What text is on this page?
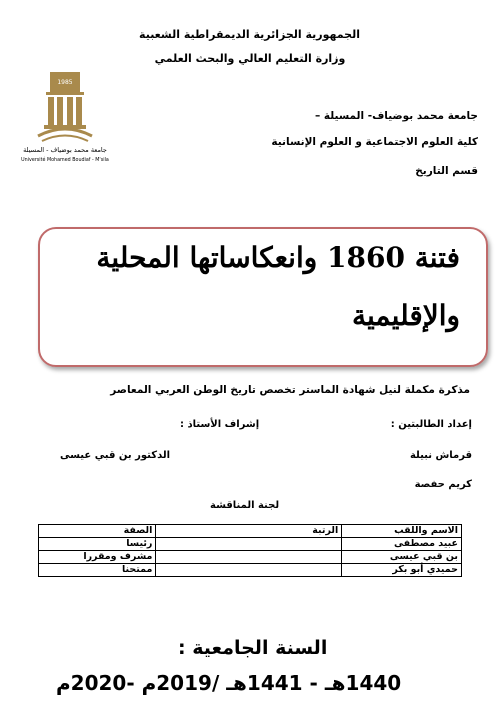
الجمهورية الجزائرية الديمقراطية الشعبية
وزارة التعليم العالي والبحث العلمي
1985
جامعة محمد بوضياف - المسيلة
Université Mohamed Boudiaf - M'sila
جامعة محمد بوضياف- المسيلة –
كلية العلوم الاجتماعية و العلوم الإنسانية
قسم التاريخ
فتنة 1860 وانعكاساتها المحلية
والإقليمية
مذكرة مكملة لنيل شهادة الماستر تخصص تاريخ الوطن العربي المعاصر
إعداد الطالبتين :
إشراف الأستاذ :
قرماش نبيلة
الدكتور بن قبي عيسى
كريم حفصة
لجنة المناقشة
الاسم واللقب	الرتبة	الصفة
عبيد مصطفى		رئيسا
بن قبي عيسى		مشرف ومقررا
حميدي أبو بكر		ممتحنا
السنة الجامعية :
1440هـ - 1441هـ /2019م -2020م
